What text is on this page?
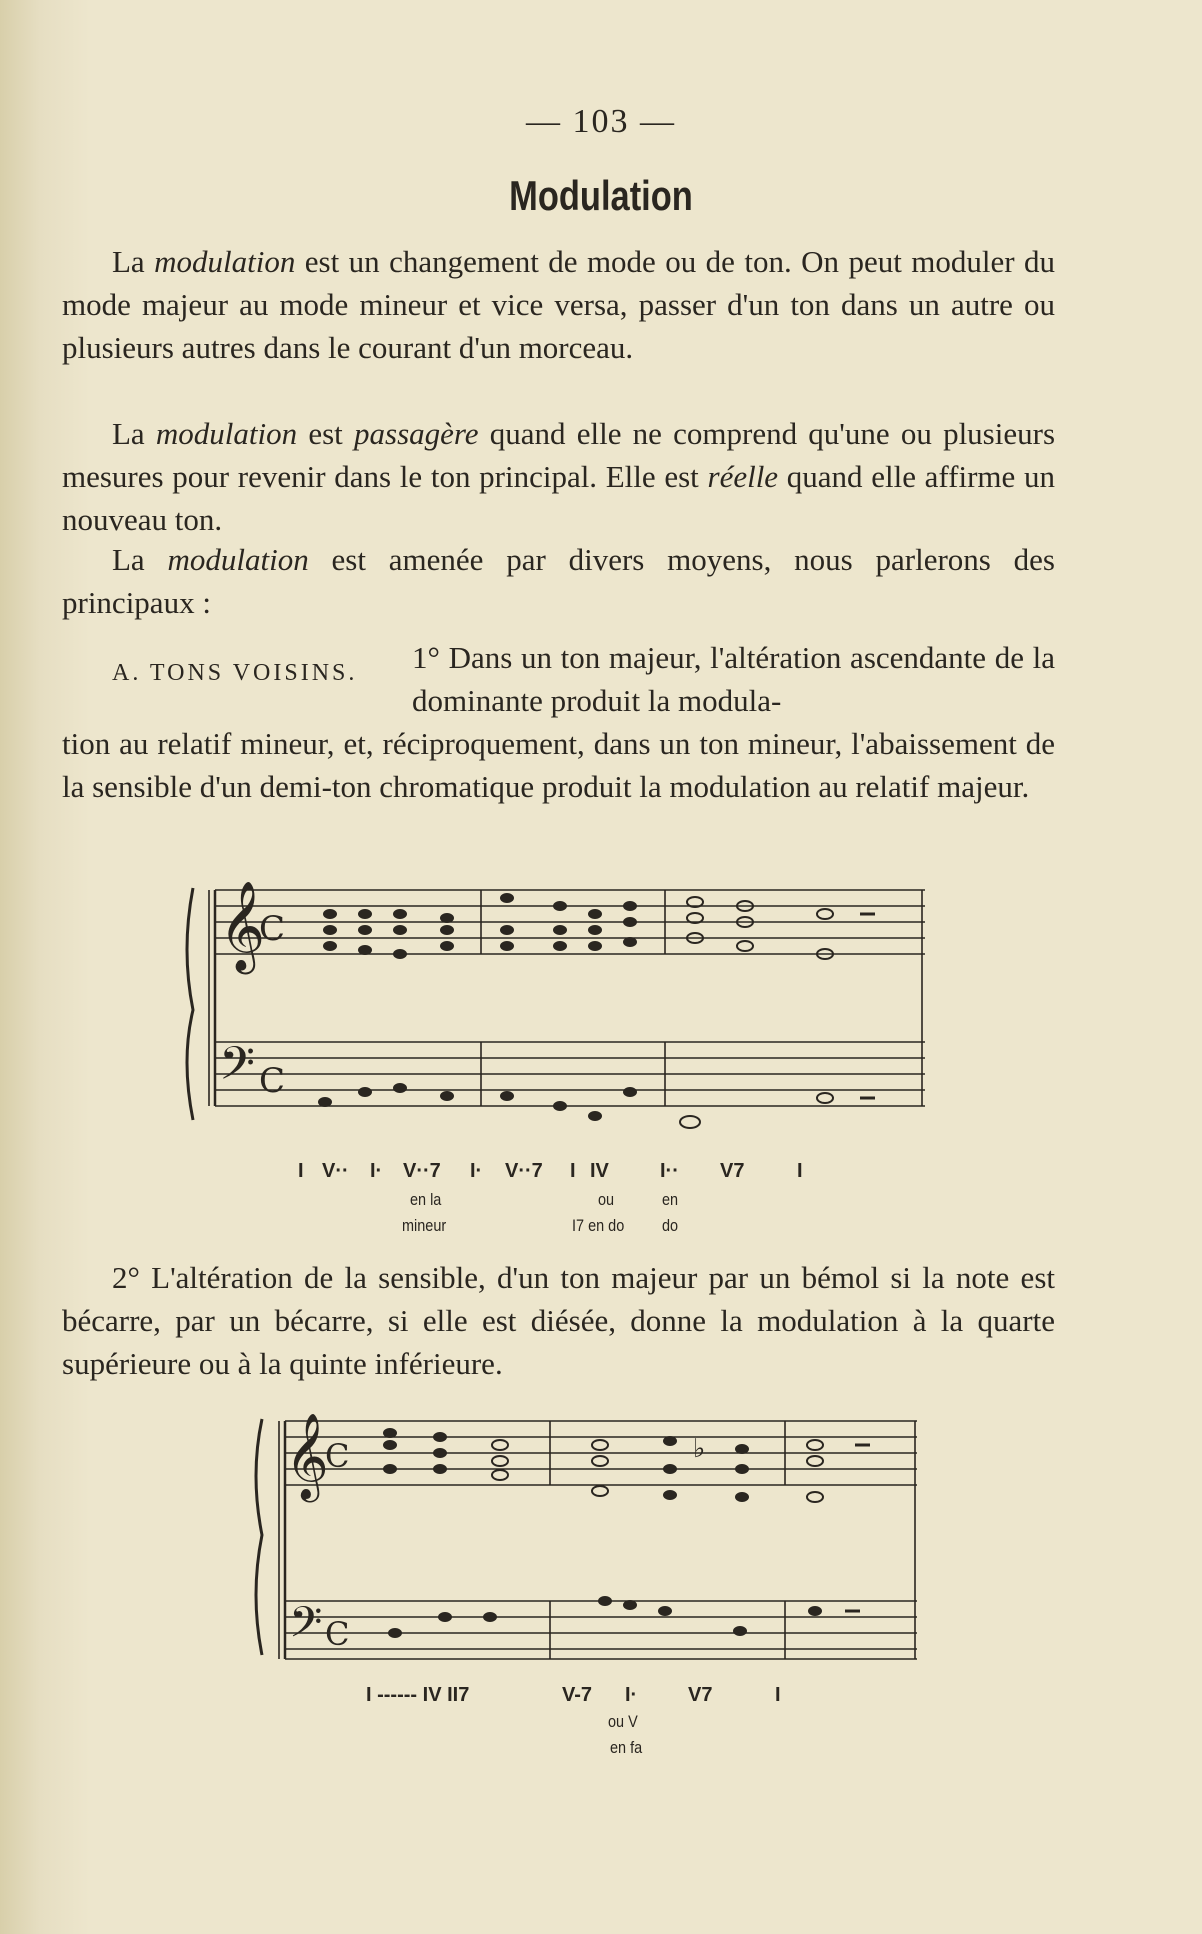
— 103 —
Modulation
La modulation est un changement de mode ou de ton. On peut moduler du mode majeur au mode mineur et vice versa, passer d'un ton dans un autre ou plusieurs autres dans le courant d'un morceau.
La modulation est passagère quand elle ne comprend qu'une ou plusieurs mesures pour revenir dans le ton principal. Elle est réelle quand elle affirme un nouveau ton.
La modulation est amenée par divers moyens, nous parlerons des principaux :
A. TONS VOISINS. 1° Dans un ton majeur, l'altération ascendante de la dominante produit la modula-
tion au relatif mineur, et, réciproquement, dans un ton mineur, l'abaissement de la sensible d'un demi-ton chromatique produit la modulation au relatif majeur.
𝄞
𝄢
C
C
I V·· I· V··7 I· V··7 I IV	I·· V7	I
en la
mineur
ou
I7 en do
en
do
2° L'altération de la sensible, d'un ton majeur par un bémol si la note est bécarre, par un bécarre, si elle est diésée, donne la modulation à la quarte supérieure ou à la quinte inférieure.
𝄞
𝄢
C
C
♭
I ------ IV II7	V-7 I·	V7	I
ou V
en fa
